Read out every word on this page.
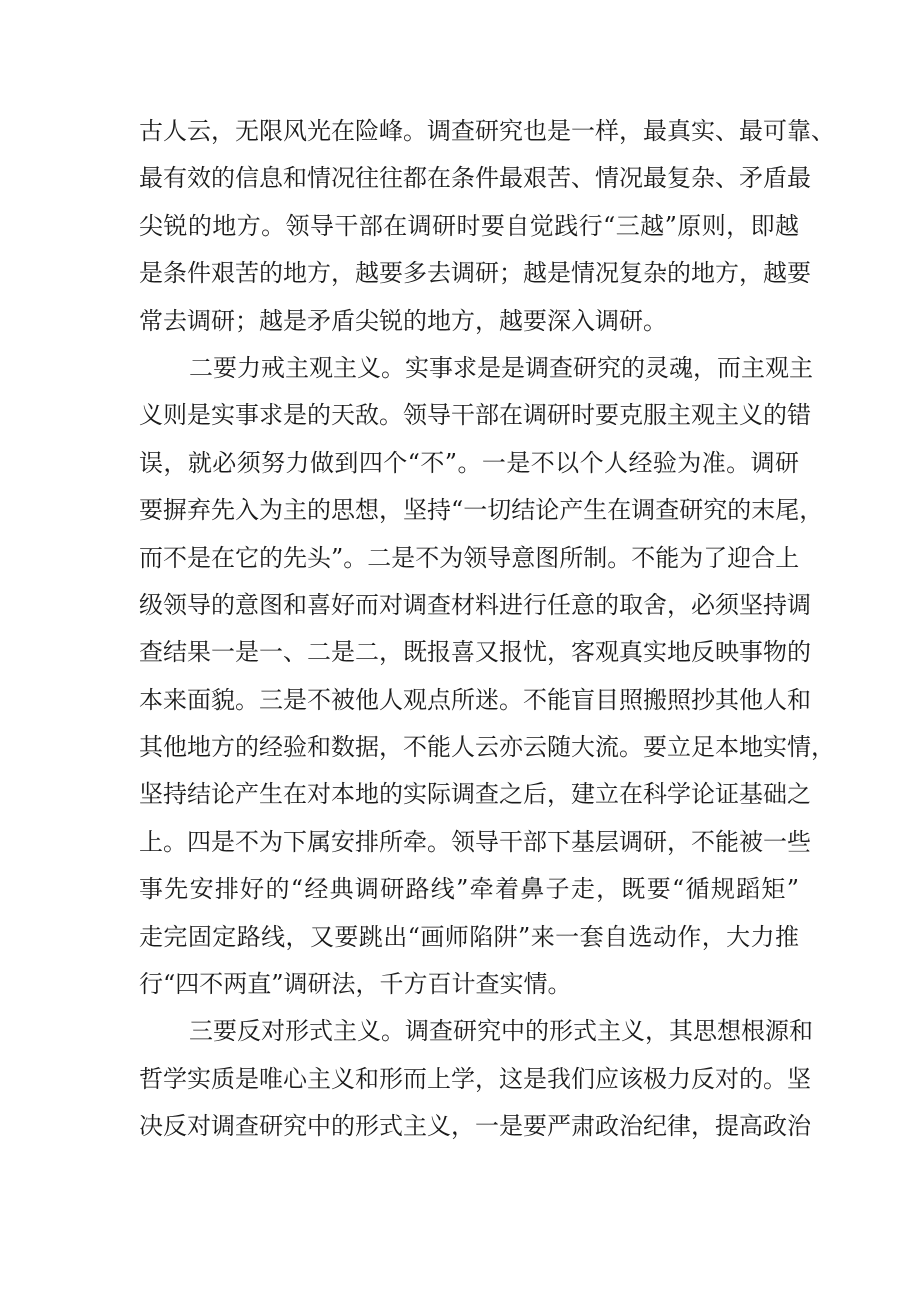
古人云，无限风光在险峰。调查研究也是一样，最真实、最可靠、
最有效的信息和情况往往都在条件最艰苦、情况最复杂、矛盾最
尖锐的地方。领导干部在调研时要自觉践行“三越”原则，即越
是条件艰苦的地方，越要多去调研；越是情况复杂的地方，越要
常去调研；越是矛盾尖锐的地方，越要深入调研。
二要力戒主观主义。实事求是是调查研究的灵魂，而主观主
义则是实事求是的天敌。领导干部在调研时要克服主观主义的错
误，就必须努力做到四个“不”。一是不以个人经验为准。调研
要摒弃先入为主的思想，坚持“一切结论产生在调查研究的末尾，
而不是在它的先头”。二是不为领导意图所制。不能为了迎合上
级领导的意图和喜好而对调查材料进行任意的取舍，必须坚持调
查结果一是一、二是二，既报喜又报忧，客观真实地反映事物的
本来面貌。三是不被他人观点所迷。不能盲目照搬照抄其他人和
其他地方的经验和数据，不能人云亦云随大流。要立足本地实情，
坚持结论产生在对本地的实际调查之后，建立在科学论证基础之
上。四是不为下属安排所牵。领导干部下基层调研，不能被一些
事先安排好的“经典调研路线”牵着鼻子走，既要“循规蹈矩”
走完固定路线，又要跳出“画师陷阱”来一套自选动作，大力推
行“四不两直”调研法，千方百计查实情。
三要反对形式主义。调查研究中的形式主义，其思想根源和
哲学实质是唯心主义和形而上学，这是我们应该极力反对的。坚
决反对调查研究中的形式主义，一是要严肃政治纪律，提高政治
